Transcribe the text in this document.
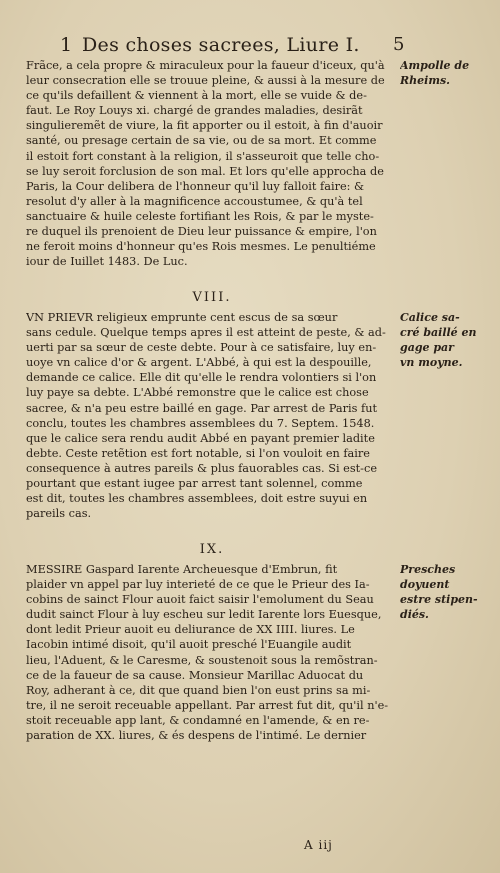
1 Des choses sacrees, Liure I. 5
Frãce, a cela propre & miraculeux pour la faueur d'iceux, qu'à
leur consecration elle se trouue pleine, & aussi à la mesure de
ce qu'ils defaillent & viennent à la mort, elle se vuide & de-
faut. Le Roy Louys xi. chargé de grandes maladies, desirãt
singulieremẽt de viure, la fit apporter ou il estoit, à fin d'auoir
santé, ou presage certain de sa vie, ou de sa mort. Et comme
il estoit fort constant à la religion, il s'asseuroit que telle cho-
se luy seroit forclusion de son mal. Et lors qu'elle approcha de
Paris, la Cour delibera de l'honneur qu'il luy falloit faire: &
resolut d'y aller à la magnificence accoustumee, & qu'à tel
sanctuaire & huile celeste fortifiant les Rois, & par le myste-
re duquel ils prenoient de Dieu leur puissance & empire, l'on
ne feroit moins d'honneur qu'es Rois mesmes. Le penultiéme
iour de Iuillet 1483. De Luc.
VIII.
VN PRIEVR religieux emprunte cent escus de sa sœur
sans cedule. Quelque temps apres il est atteint de peste, & ad-
uerti par sa sœur de ceste debte. Pour à ce satisfaire, luy en-
uoye vn calice d'or & argent. L'Abbé, à qui est la despouille,
demande ce calice. Elle dit qu'elle le rendra volontiers si l'on
luy paye sa debte. L'Abbé remonstre que le calice est chose
sacree, & n'a peu estre baillé en gage. Par arrest de Paris fut
conclu, toutes les chambres assemblees du 7. Septem. 1548.
que le calice sera rendu audit Abbé en payant premier ladite
debte. Ceste retẽtion est fort notable, si l'on vouloit en faire
consequence à autres pareils & plus fauorables cas. Si est-ce
pourtant que estant iugee par arrest tant solennel, comme
est dit, toutes les chambres assemblees, doit estre suyui en
pareils cas.
IX.
MESSIRE Gaspard Iarente Archeuesque d'Embrun, fit
plaider vn appel par luy interieté de ce que le Prieur des Ia-
cobins de sainct Flour auoit faict saisir l'emolument du Seau
dudit sainct Flour à luy escheu sur ledit Iarente lors Euesque,
dont ledit Prieur auoit eu deliurance de XX IIII. liures. Le
Iacobin intimé disoit, qu'il auoit presché l'Euangile audit
lieu, l'Aduent, & le Caresme, & soustenoit sous la remõstran-
ce de la faueur de sa cause. Monsieur Marillac Aduocat du
Roy, adherant à ce, dit que quand bien l'on eust prins sa mi-
tre, il ne seroit receuable appellant. Par arrest fut dit, qu'il n'e-
stoit receuable app lant, & condamné en l'amende, & en re-
paration de XX. liures, & és despens de l'intimé. Le dernier
Ampolle de
Rheims.
Calice sa-
cré baillé en
gage par
vn moyne.
Presches
doyuent
estre stipen-
diés.
A iij
